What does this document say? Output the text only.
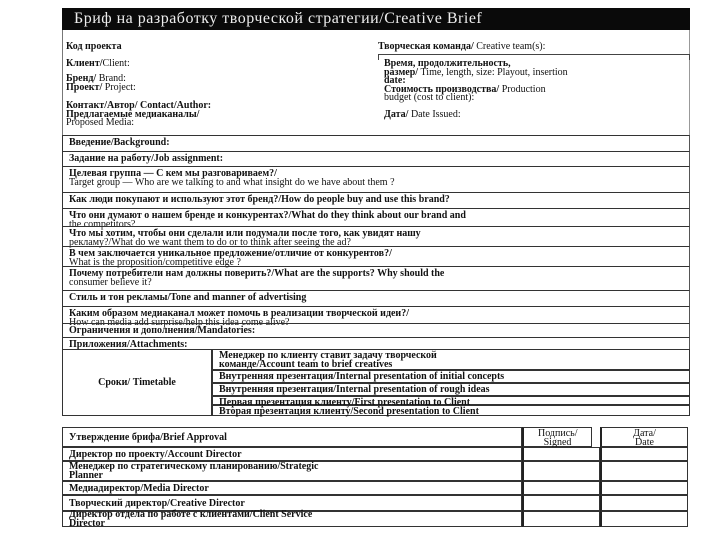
Бриф на разработку творческой стратегии/Creative Brief
Код проекта
Клиент/Client:
Бренд/ Brand:
Проект/ Project:
Контакт/Автор/ Contact/Author:
Предлагаемые медиаканалы/
Proposed Media:
Творческая команда/ Creative team(s):
Время, продолжительность,
размер/ Time, length, size: Playout, insertion
date:
Стоимость производства/ Production
budget (cost to client):
Дата/ Date Issued:
Введение/Background:
Задание на работу/Job assignment:
Целевая группа — С кем мы разговариваем?/
Target group — Who are we talking to and what insight do we have about them ?
Как люди покупают и используют этот бренд?/How do people buy and use this brand?
Что они думают о нашем бренде и конкурентах?/What do they think about our brand and
the competitors?
Что мы хотим, чтобы они сделали или подумали после того, как увидят нашу
рекламу?/What do we want them to do or to think after seeing the ad?
В чем заключается уникальное предложение/отличие от конкурентов?/
What is the proposition/competitive edge ?
Почему потребители нам должны поверить?/What are the supports? Why should the
consumer believe it?
Стиль и тон рекламы/Tone and manner of advertising
Каким образом медиаканал может помочь в реализации творческой идеи?/
How can media add surprise/help this idea come alive?
Ограничения и дополнения/Mandatories:
Приложения/Attachments:
Сроки/ Timetable
Менеджер по клиенту ставит задачу творческой
команде/Account team to brief creatives
Внутренняя презентация/Internal presentation of initial concepts
Внутренняя презентация/Internal presentation of rough ideas
Первая презентация клиенту/First presentation to Client
Вторая презентация клиенту/Second presentation to Client
Утверждение брифа/Brief Approval	Подпись/ Signed
Дата/ Date
Директор по проекту/Account Director
Менеджер по стратегическому планированию/Strategic
Planner
Медиадиректор/Media Director
Творческий директор/Creative Director
Директор отдела по работе с клиентами/Client Service
Director
